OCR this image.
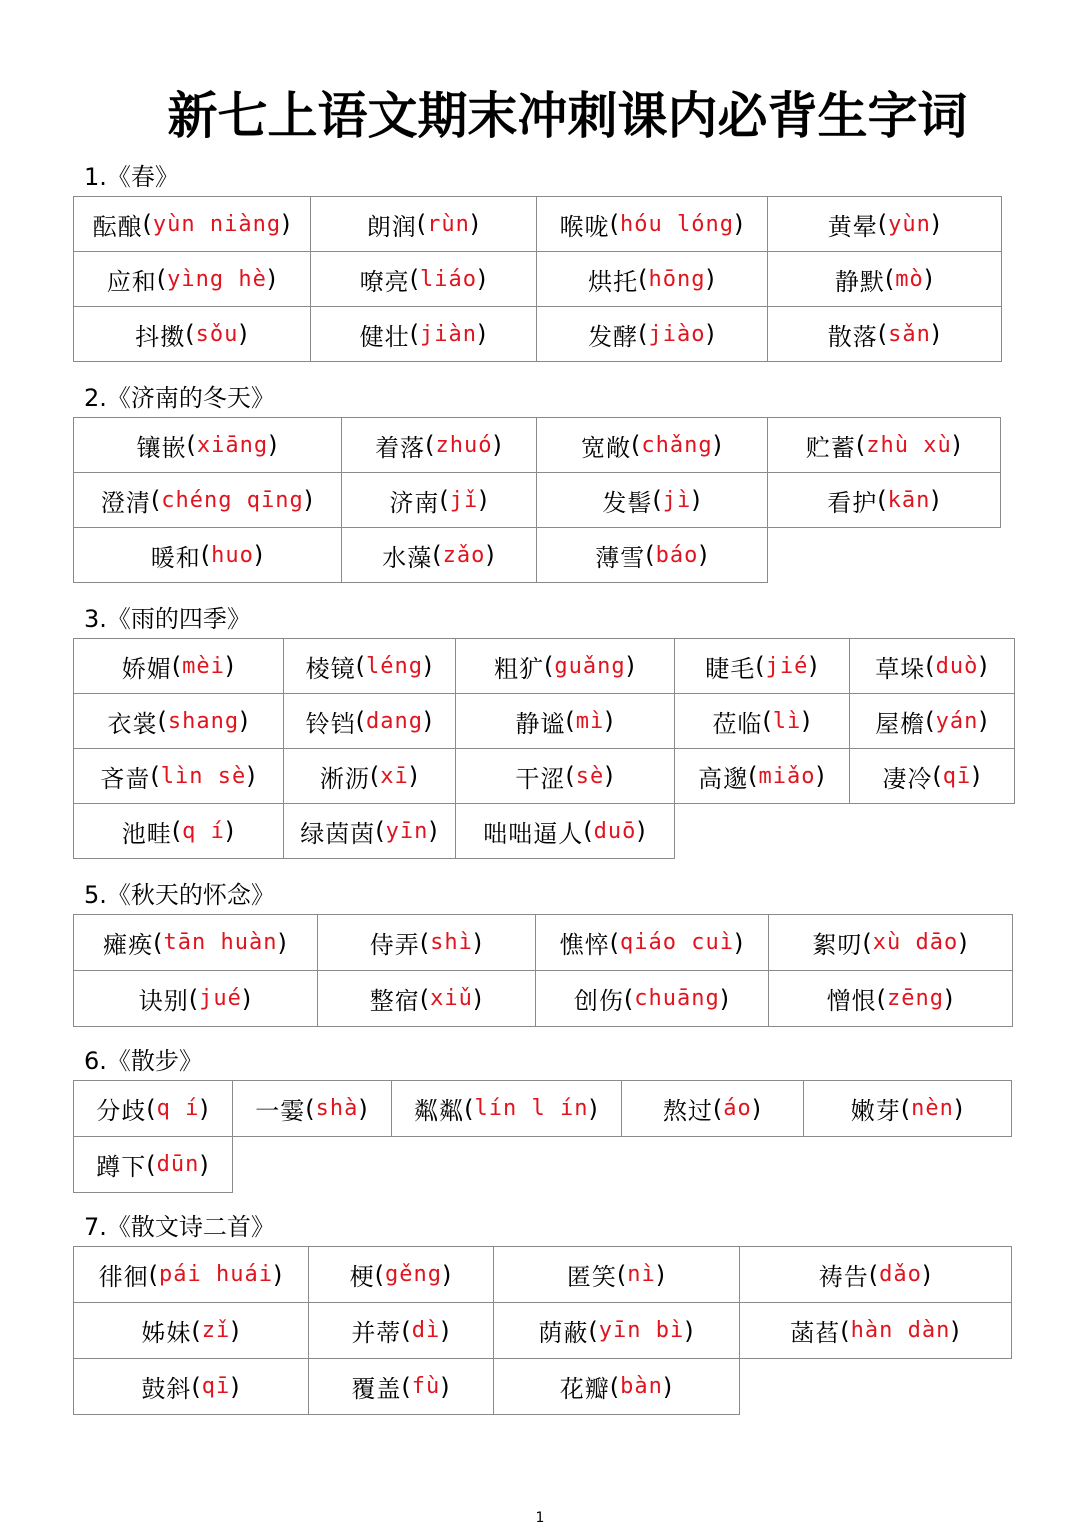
新七上语文期末冲刺课内必背生字词
1.《春》
酝酿 ( yùn niàng )	朗润 ( rùn )	喉咙 ( hóu lóng )	黄晕 ( yùn )
应和 ( yìng hè )	嘹亮 ( liáo )	烘托 ( hōng )	静默 ( mò )
抖擞 ( sǒu )	健壮 ( jiàn )	发酵 ( jiào )	散落 ( sǎn )
2.《济南的冬天》
镶嵌 ( xiāng )	着落 ( zhuó )	宽敞 ( chǎng )	贮蓄 ( zhù xù )
澄清 ( chéng qīng )	济南 ( jǐ )	发髻 ( jì )	看护 ( kān )
暖和 ( huo )	水藻 ( zǎo )	薄雪 ( báo )
3.《雨的四季》
娇媚 ( mèi )	棱镜 ( léng )	粗犷 ( guǎng )	睫毛 ( jié ) 草垛 ( duò )
衣裳 ( shang ) 铃铛 ( dang )	静谧 ( mì )	莅临 ( lì )	屋檐 ( yán )
吝啬 ( lìn sè )	淅沥 ( xī )	干涩 ( sè )	高邈 ( miǎo ) 凄冷 ( qī )
池畦 ( q í )	绿茵茵 ( yīn ) 咄咄逼人 ( duō )
5.《秋天的怀念》
瘫痪 ( tān huàn )	侍弄 ( shì )	憔悴 ( qiáo cuì )	絮叨 ( xù dāo )
诀别 ( jué )	整宿 ( xiǔ )	创伤 ( chuāng )	憎恨 ( zēng )
6.《散步》
分歧 ( q í ) 一霎 ( shà ) 粼粼 ( lín l ín )	熬过 ( áo )	嫩芽 ( nèn )
蹲下 ( dūn )
7.《散文诗二首》
徘徊 ( pái huái )	梗 ( gěng )	匿笑 ( nì )	祷告 ( dǎo )
姊妹 ( zǐ )	并蒂 ( dì )	荫蔽 ( yīn bì )	菡萏 ( hàn dàn )
鼓斜 ( qī )	覆盖 ( fù )	花瓣 ( bàn )
1
